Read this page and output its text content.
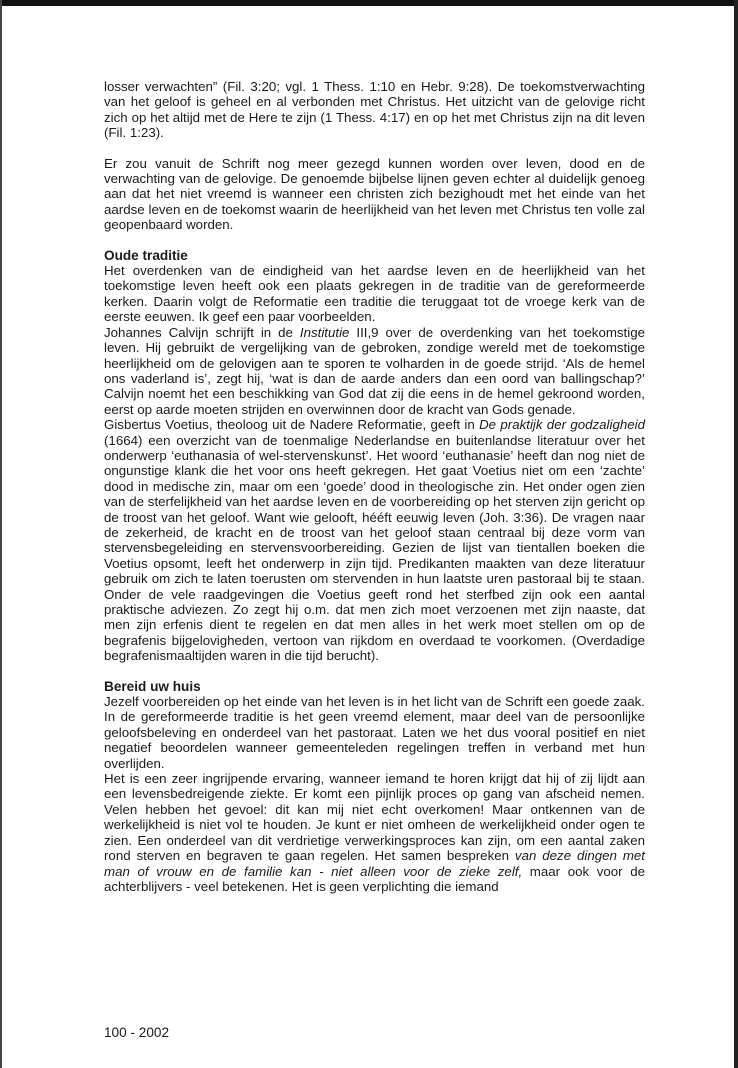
losser verwachten” (Fil. 3:20; vgl. 1 Thess. 1:10 en Hebr. 9:28). De toekomstverwachting van het geloof is geheel en al verbonden met Christus. Het uitzicht van de gelovige richt zich op het altijd met de Here te zijn (1 Thess. 4:17) en op het met Christus zijn na dit leven (Fil. 1:23).

Er zou vanuit de Schrift nog meer gezegd kunnen worden over leven, dood en de verwachting van de gelovige. De genoemde bijbelse lijnen geven echter al duidelijk genoeg aan dat het niet vreemd is wanneer een christen zich bezighoudt met het einde van het aardse leven en de toekomst waarin de heerlijkheid van het leven met Christus ten volle zal geopenbaard worden.

Oude traditie

Het overdenken van de eindigheid van het aardse leven en de heerlijkheid van het toekomstige leven heeft ook een plaats gekregen in de traditie van de gereformeerde kerken. Daarin volgt de Reformatie een traditie die teruggaat tot de vroege kerk van de eerste eeuwen. Ik geef een paar voorbeelden.

Johannes Calvijn schrijft in de Institutie III,9 over de overdenking van het toekomstige leven. Hij gebruikt de vergelijking van de gebroken, zondige wereld met de toekomstige heerlijkheid om de gelovigen aan te sporen te volharden in de goede strijd. ‘Als de hemel ons vaderland is’, zegt hij, ‘wat is dan de aarde anders dan een oord van ballingschap?’ Calvijn noemt het een beschikking van God dat zij die eens in de hemel gekroond worden, eerst op aarde moeten strijden en overwinnen door de kracht van Gods genade.

Gisbertus Voetius, theoloog uit de Nadere Reformatie, geeft in De praktijk der godzaligheid (1664) een overzicht van de toenmalige Nederlandse en buitenlandse literatuur over het onderwerp ‘euthanasia of wel-stervenskunst’. Het woord ‘euthanasie’ heeft dan nog niet de ongunstige klank die het voor ons heeft gekregen. Het gaat Voetius niet om een ‘zachte’ dood in medische zin, maar om een ‘goede’ dood in theologische zin. Het onder ogen zien van de sterfelijkheid van het aardse leven en de voorbereiding op het sterven zijn gericht op de troost van het geloof. Want wie gelooft, hééft eeuwig leven (Joh. 3:36). De vragen naar de zekerheid, de kracht en de troost van het geloof staan centraal bij deze vorm van stervensbegeleiding en stervensvoorbereiding. Gezien de lijst van tientallen boeken die Voetius opsomt, leeft het onderwerp in zijn tijd. Predikanten maakten van deze literatuur gebruik om zich te laten toerusten om stervenden in hun laatste uren pastoraal bij te staan. Onder de vele raadgevingen die Voetius geeft rond het sterfbed zijn ook een aantal praktische adviezen. Zo zegt hij o.m. dat men zich moet verzoenen met zijn naaste, dat men zijn erfenis dient te regelen en dat men alles in het werk moet stellen om op de begrafenis bijgelovigheden, vertoon van rijkdom en overdaad te voorkomen. (Overdadige begrafenismaaltijden waren in die tijd berucht).

Bereid uw huis

Jezelf voorbereiden op het einde van het leven is in het licht van de Schrift een goede zaak. In de gereformeerde traditie is het geen vreemd element, maar deel van de persoonlijke geloofsbeleving en onderdeel van het pastoraat. Laten we het dus vooral positief en niet negatief beoordelen wanneer gemeenteleden regelingen treffen in verband met hun overlijden.

Het is een zeer ingrijpende ervaring, wanneer iemand te horen krijgt dat hij of zij lijdt aan een levensbedreigende ziekte. Er komt een pijnlijk proces op gang van afscheid nemen. Velen hebben het gevoel: dit kan mij niet echt overkomen! Maar ontkennen van de werkelijkheid is niet vol te houden. Je kunt er niet omheen de werkelijkheid onder ogen te zien. Een onderdeel van dit verdrietige verwerkingsproces kan zijn, om een aantal zaken rond sterven en begraven te gaan regelen. Het samen bespreken van deze dingen met man of vrouw en de familie kan - niet alleen voor de zieke zelf, maar ook voor de achterblijvers - veel betekenen. Het is geen verplichting die iemand

100 - 2002
